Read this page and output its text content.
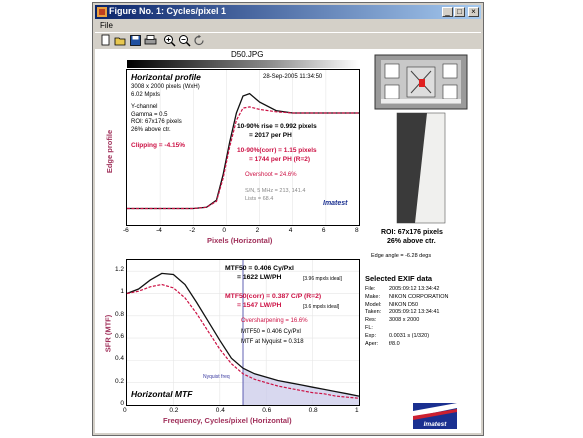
Figure No. 1: Cycles/pixel 1	_ □	×
File
D50.JPG
Horizontal profile	28-Sep-2005 11:34:50
3008 x 2000 pixels (WxH)
6.02 Mpxls
Y-channel
Gamma = 0.5
ROI: 67x176 pixels
26% above ctr.
Clipping = -4.15%
10-90% rise = 0.992 pixels
= 2017 per PH
10-90%(corr) = 1.15 pixels
= 1744 per PH (R=2)
Overshoot = 24.6%
S/N, 5 MHz = 213, 141.4
Lists = 68.4
Imatest
-6	-4	-2	0	2	4	6	8
Pixels (Horizontal)
Edge profile
MTF50 = 0.406 Cy/Pxl
= 1622 LW/PH	[3.96 mpxls ideal]
MTF50(corr) = 0.387 C/P (R=2)
= 1547 LW/PH	[3.6 mpxls ideal]
Oversharpening = 16.6%
MTF50 = 0.406 Cy/Pxl
MTF at Nyquist = 0.318
Nyquist freq
Horizontal MTF
0
0.2
0.4
0.6
0.8
1
1.2
0	0.2	0.4	0.6	0.8	1
Frequency, Cycles/pixel (Horizontal)
SFR (MTF)
ROI: 67x176 pixels
26% above ctr.
Edge angle = -6.28 degs
Selected EXIF data
File: 2005:09:12 13:34:42
Make: NIKON CORPORATION
Model: NIKON D50
Taken: 2005:09:12 13:34:41
Res: 3008 x 2000
FL:
Exp: 0.0031 s (1/320)
Aper: f/8.0
Imatest
